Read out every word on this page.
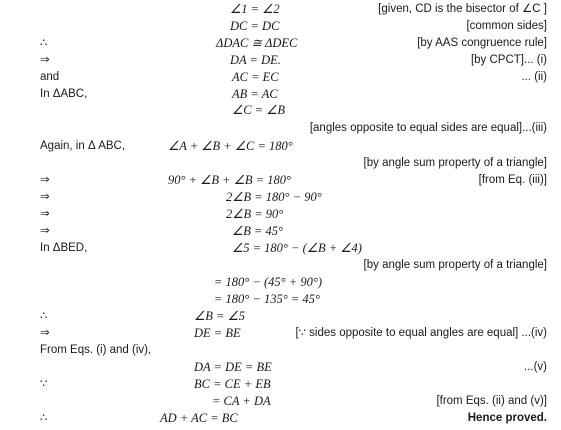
∠1 = ∠2	[given, CD is the bisector of ∠C ]
DC = DC	[common sides]
∴	ΔDAC ≅ ΔDEC	[by AAS congruence rule]
⇒	DA = DE.	[by CPCT]... (i)
and	AC = EC	... (ii)
In ΔABC,	AB = AC
∠C = ∠B
[angles opposite to equal sides are equal]...(iii)
Again, in Δ ABC,	∠A + ∠B + ∠C = 180°
[by angle sum property of a triangle]
⇒	90° + ∠B + ∠B = 180°	[from Eq. (iii)]
⇒	2∠B = 180° − 90°
⇒	2∠B = 90°
⇒	∠B = 45°
In ΔBED,	∠5 = 180° − (∠B + ∠4)
[by angle sum property of a triangle]
= 180° − (45° + 90°)
= 180° − 135° = 45°
∴	∠B = ∠5
⇒	DE = BE	[∵ sides opposite to equal angles are equal] ...(iv)
From Eqs. (i) and (iv),
DA = DE = BE	...(v)
∵	BC = CE + EB
= CA + DA	[from Eqs. (ii) and (v)]
∴	AD + AC = BC	Hence proved.
